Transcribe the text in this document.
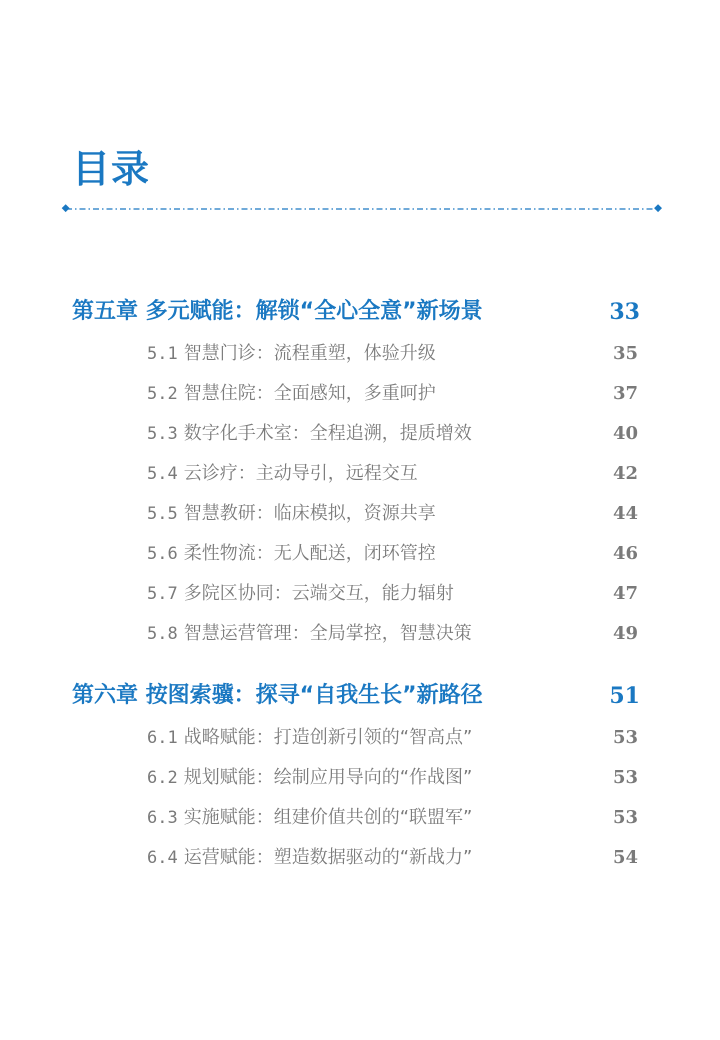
目录
第五章 多元赋能：解锁“全心全意”新场景	33
5.1 智慧门诊：流程重塑，体验升级	35
5.2 智慧住院：全面感知，多重呵护	37
5.3 数字化手术室：全程追溯，提质增效	40
5.4 云诊疗：主动导引，远程交互	42
5.5 智慧教研：临床模拟，资源共享	44
5.6 柔性物流：无人配送，闭环管控	46
5.7 多院区协同：云端交互，能力辐射	47
5.8 智慧运营管理：全局掌控，智慧决策	49
第六章 按图索骥：探寻“自我生长”新路径	51
6.1 战略赋能：打造创新引领的“智高点”	53
6.2 规划赋能：绘制应用导向的“作战图”	53
6.3 实施赋能：组建价值共创的“联盟军”	53
6.4 运营赋能：塑造数据驱动的“新战力”	54
